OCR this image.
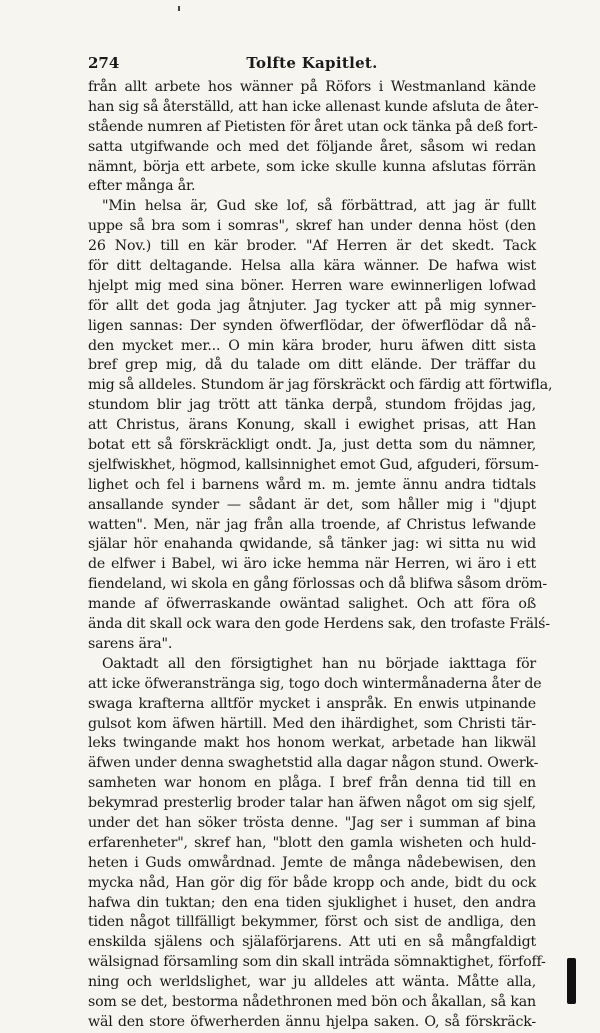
274	Tolfte Kapitlet.
från allt arbete hos wänner på Röfors i Westmanland kände
han sig så återställd, att han icke allenast kunde afsluta de åter-
stående numren af Pietisten för året utan ock tänka på deß fort-
satta utgifwande och med det följande året, såsom wi redan
nämnt, börja ett arbete, som icke skulle kunna afslutas förrän
efter många år.
"Min helsa är, Gud ske lof, så förbättrad, att jag är fullt
uppe så bra som i somras", skref han under denna höst (den
26 Nov.) till en kär broder. "Af Herren är det skedt. Tack
för ditt deltagande. Helsa alla kära wänner. De hafwa wist
hjelpt mig med sina böner. Herren ware ewinnerligen lofwad
för allt det goda jag åtnjuter. Jag tycker att på mig synner-
ligen sannas: Der synden öfwerflödar, der öfwerflödar då nå-
den mycket mer... O min kära broder, huru äfwen ditt sista
bref grep mig, då du talade om ditt elände. Der träffar du
mig så alldeles. Stundom är jag förskräckt och färdig att förtwifla,
stundom blir jag trött att tänka derpå, stundom fröjdas jag,
att Christus, ärans Konung, skall i ewighet prisas, att Han
botat ett så förskräckligt ondt. Ja, just detta som du nämner,
sjelfwiskhet, högmod, kallsinnighet emot Gud, afguderi, försum-
lighet och fel i barnens wård m. m. jemte ännu andra tidtals
ansallande synder — sådant är det, som håller mig i "djupt
watten". Men, när jag från alla troende, af Christus lefwande
själar hör enahanda qwidande, så tänker jag: wi sitta nu wid
de elfwer i Babel, wi äro icke hemma när Herren, wi äro i ett
fiendeland, wi skola en gång förlossas och då blifwa såsom dröm-
mande af öfwerraskande owäntad salighet. Och att föra oß
ända dit skall ock wara den gode Herdens sak, den trofaste Frälś-
sarens ära".
Oaktadt all den försigtighet han nu började iakttaga för
att icke öfweranstränga sig, togo doch wintermånaderna åter de
swaga krafterna alltför mycket i anspråk. En enwis utpinande
gulsot kom äfwen härtill. Med den ihärdighet, som Christi tär-
leks twingande makt hos honom werkat, arbetade han likwäl
äfwen under denna swaghetstid alla dagar någon stund. Owerk-
samheten war honom en plåga. I bref från denna tid till en
bekymrad presterlig broder talar han äfwen något om sig sjelf,
under det han söker trösta denne. "Jag ser i summan af bina
erfarenheter", skref han, "blott den gamla wisheten och huld-
heten i Guds omwårdnad. Jemte de många nådebewisen, den
mycka nåd, Han gör dig för både kropp och ande, bidt du ock
hafwa din tuktan; den ena tiden sjuklighet i huset, den andra
tiden något tillfälligt bekymmer, först och sist de andliga, den
enskilda själens och själaförjarens. Att uti en så mångfaldigt
wälsignad församling som din skall inträda sömnaktighet, förfoff-
ning och werldslighet, war ju alldeles att wänta. Måtte alla,
som se det, bestorma nådethronen med bön och åkallan, så kan
wäl den store öfwerherden ännu hjelpa saken. O, så förskräck-
